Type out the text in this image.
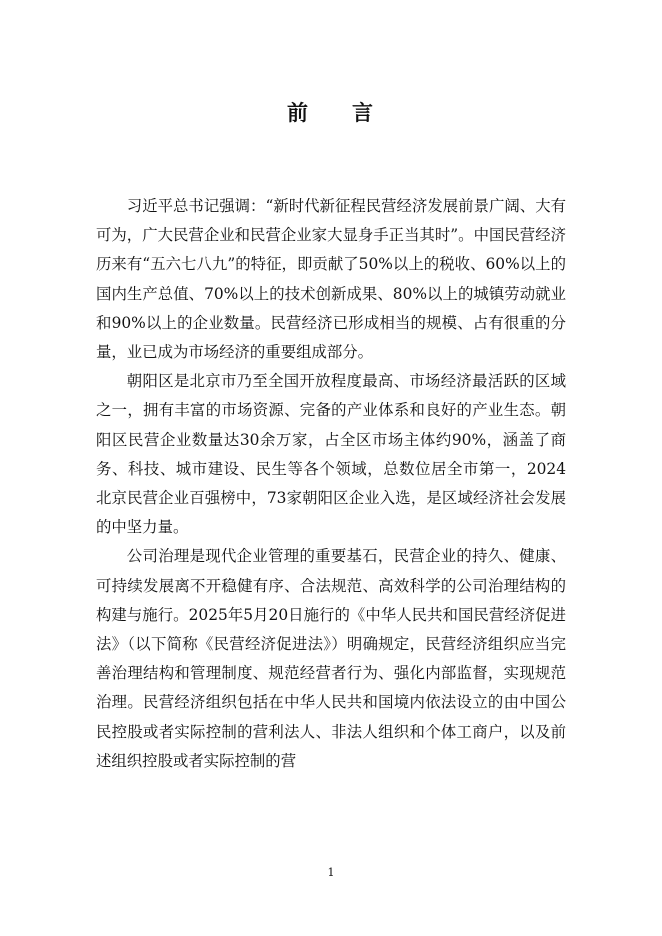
前 言

习近平总书记强调：“新时代新征程民营经济发展前景广阔、大有可为，广大民营企业和民营企业家大显身手正当其时”。中国民营经济历来有“五六七八九”的特征，即贡献了50%以上的税收、60%以上的国内生产总值、70%以上的技术创新成果、80%以上的城镇劳动就业和90%以上的企业数量。民营经济已形成相当的规模、占有很重的分量，业已成为市场经济的重要组成部分。

朝阳区是北京市乃至全国开放程度最高、市场经济最活跃的区域之一，拥有丰富的市场资源、完备的产业体系和良好的产业生态。朝阳区民营企业数量达30余万家，占全区市场主体约90%，涵盖了商务、科技、城市建设、民生等各个领域，总数位居全市第一，2024北京民营企业百强榜中，73家朝阳区企业入选，是区域经济社会发展的中坚力量。

公司治理是现代企业管理的重要基石，民营企业的持久、健康、可持续发展离不开稳健有序、合法规范、高效科学的公司治理结构的构建与施行。2025年5月20日施行的《中华人民共和国民营经济促进法》（以下简称《民营经济促进法》）明确规定，民营经济组织应当完善治理结构和管理制度、规范经营者行为、强化内部监督，实现规范治理。民营经济组织包括在中华人民共和国境内依法设立的由中国公民控股或者实际控制的营利法人、非法人组织和个体工商户，以及前述组织控股或者实际控制的营

1
